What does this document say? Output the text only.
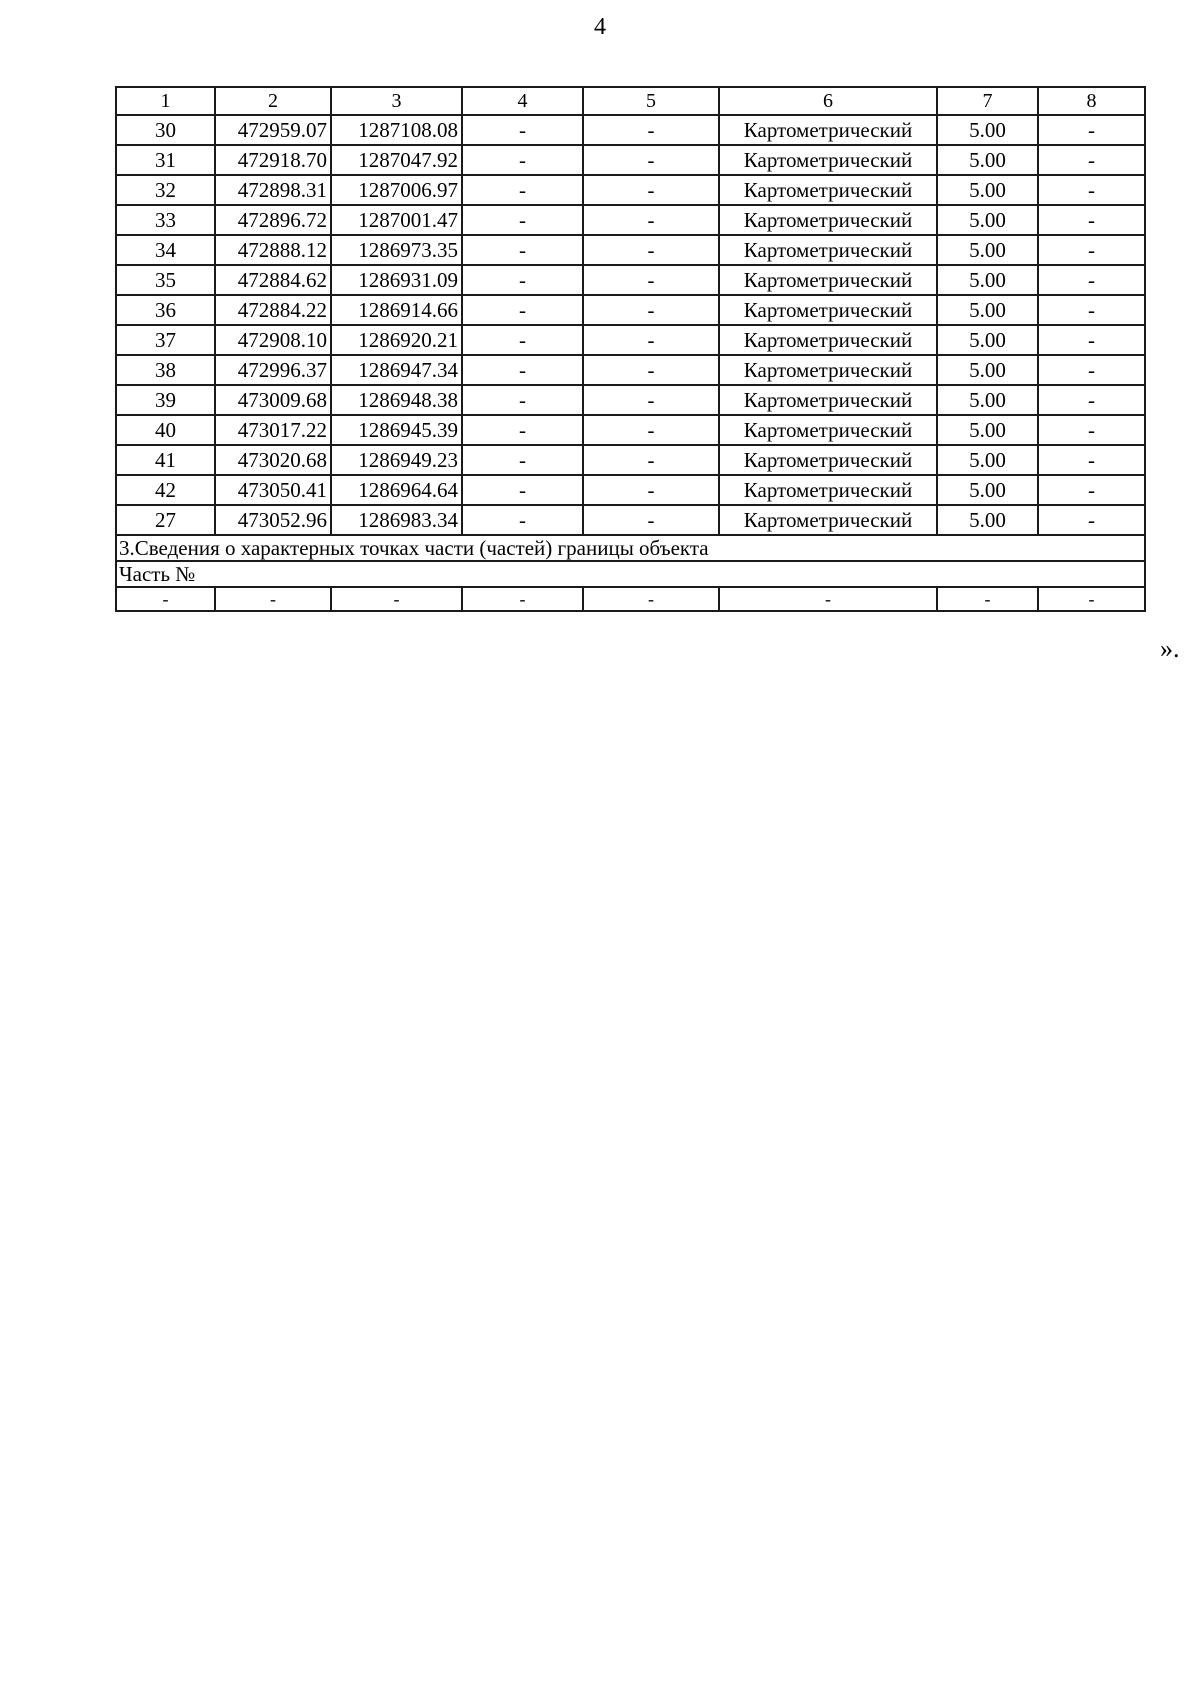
4
1	2	3	4	5	6	7	8
30	472959.07	1287108.08	-	-	Картометрический	5.00	-
31	472918.70	1287047.92	-	-	Картометрический	5.00	-
32	472898.31	1287006.97	-	-	Картометрический	5.00	-
33	472896.72	1287001.47	-	-	Картометрический	5.00	-
34	472888.12	1286973.35	-	-	Картометрический	5.00	-
35	472884.62	1286931.09	-	-	Картометрический	5.00	-
36	472884.22	1286914.66	-	-	Картометрический	5.00	-
37	472908.10	1286920.21	-	-	Картометрический	5.00	-
38	472996.37	1286947.34	-	-	Картометрический	5.00	-
39	473009.68	1286948.38	-	-	Картометрический	5.00	-
40	473017.22	1286945.39	-	-	Картометрический	5.00	-
41	473020.68	1286949.23	-	-	Картометрический	5.00	-
42	473050.41	1286964.64	-	-	Картометрический	5.00	-
27	473052.96	1286983.34	-	-	Картометрический	5.00	-
3.Сведения о характерных точках части (частей) границы объекта							
Часть №							
-	-	-	-	-	-	-	-
».
